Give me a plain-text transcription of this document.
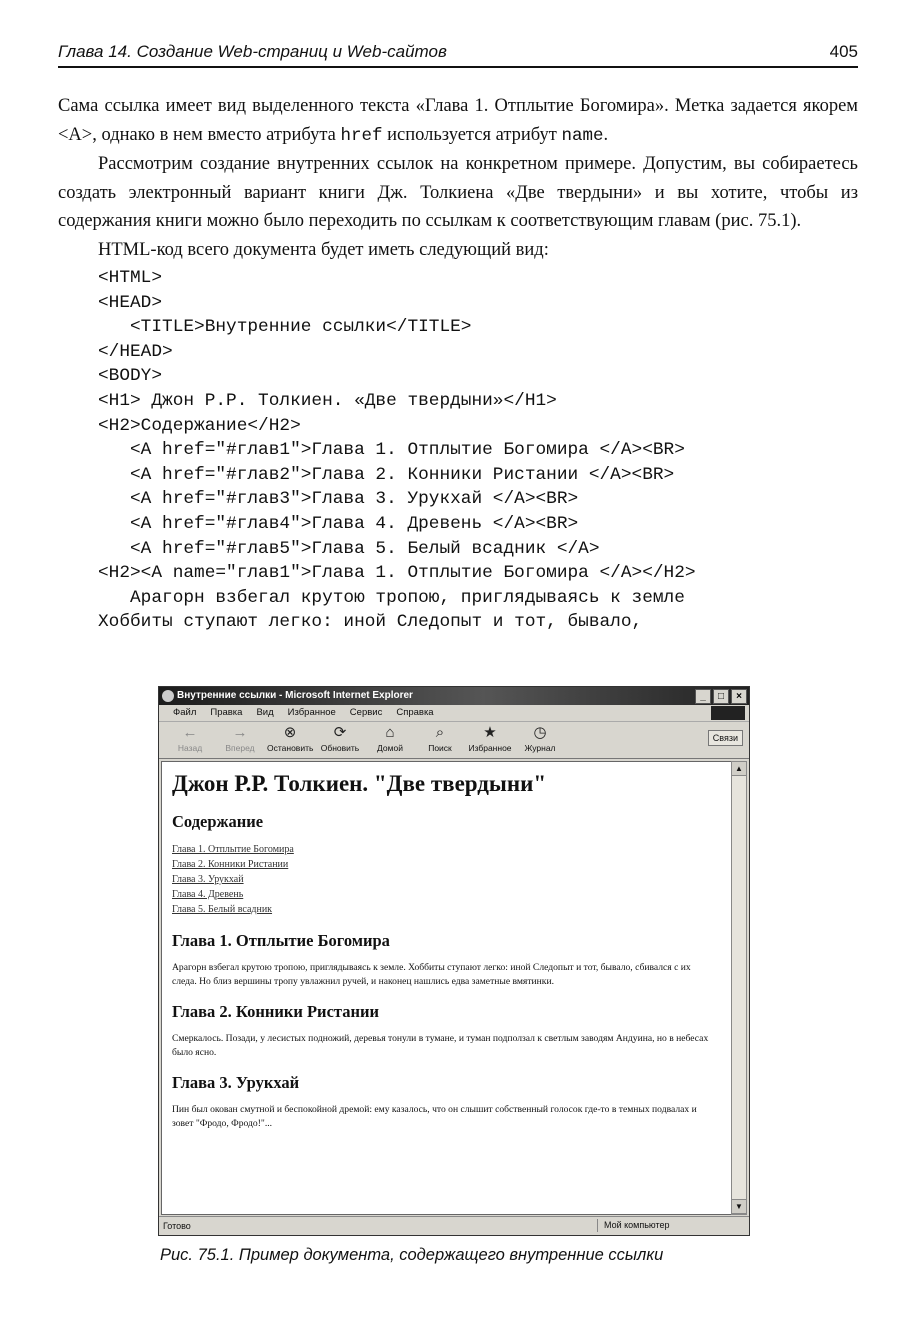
Глава 14. Создание Web-страниц и Web-сайтов	405

Сама ссылка имеет вид выделенного текста «Глава 1. Отплытие Богомира». Метка задается якорем <A>, однако в нем вместо атрибута href используется атрибут name.

Рассмотрим создание внутренних ссылок на конкретном примере. Допустим, вы собираетесь создать электронный вариант книги Дж. Толкиена «Две твердыни» и вы хотите, чтобы из содержания книги можно было переходить по ссылкам к соответствующим главам (рис. 75.1).

HTML-код всего документа будет иметь следующий вид:

<HTML>
<HEAD>
<TITLE>Внутренние ссылки</TITLE>
</HEAD>
<BODY>
<H1> Джон Р.Р. Толкиен. «Две твердыни»</H1>
<H2>Содержание</H2>
<A href="#глав1">Глава 1. Отплытие Богомира </A><BR>
<A href="#глав2">Глава 2. Конники Ристании </A><BR>
<A href="#глав3">Глава 3. Урукхай </A><BR>
<A href="#глав4">Глава 4. Древень </A><BR>
<A href="#глав5">Глава 5. Белый всадник </A>
<H2><A name="глав1">Глава 1. Отплытие Богомира </A></H2>
Арагорн взбегал крутою тропою, приглядываясь к земле
Хоббиты ступают легко: иной Следопыт и тот, бывало,
Внутренние ссылки - Microsoft Internet Explorer	_	□	×
Файл Правка Вид Избранное Сервис Справка
←
Назад
→
Вперед
⊗
Остановить
⟳
Обновить
⌂
Домой
⌕
Поиск
★
Избранное
◷
Журнал
Связи
Джон Р.Р. Толкиен. "Две твердыни"
Содержание
Глава 1. Отплытие Богомира
Глава 2. Конники Ристании
Глава 3. Урукхай
Глава 4. Древень
Глава 5. Белый всадник
Глава 1. Отплытие Богомира

Арагорн взбегал крутою тропою, приглядываясь к земле. Хоббиты ступают легко: иной Следопыт и тот, бывало, сбивался с их следа. Но близ вершины тропу увлажнил ручей, и наконец нашлись едва заметные вмятинки.

Глава 2. Конники Ристании

Смеркалось. Позади, у лесистых подножий, деревья тонули в тумане, и туман подползал к светлым заводям Андуина, но в небесах было ясно.

Глава 3. Урукхай

Пин был окован смутной и беспокойной дремой: ему казалось, что он слышит собственный голосок где-то в темных подвалах и зовет "Фродо, Фродо!"...

▲
▼
Готово	Мой компьютер
Рис. 75.1. Пример документа, содержащего внутренние ссылки
